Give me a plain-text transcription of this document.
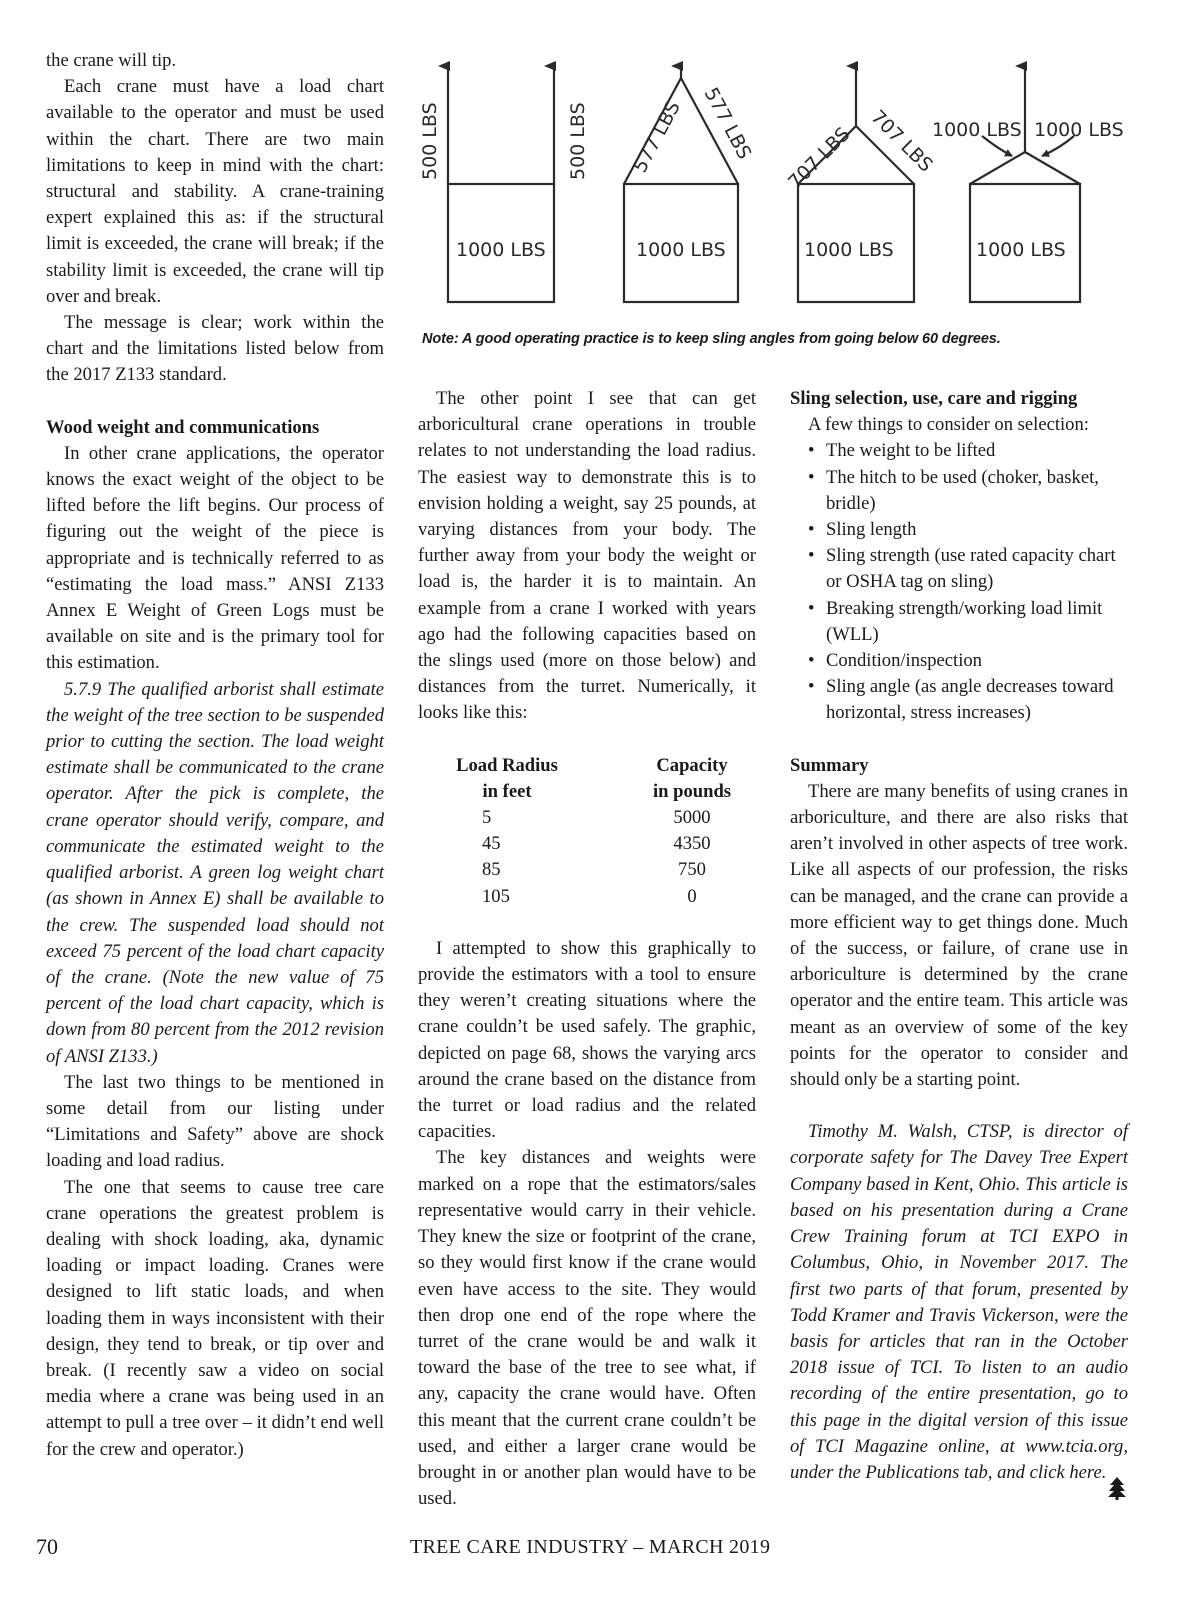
the crane will tip.

Each crane must have a load chart available to the operator and must be used within the chart. There are two main limitations to keep in mind with the chart: structural and stability. A crane-training expert explained this as: if the structural limit is exceeded, the crane will break; if the stability limit is exceeded, the crane will tip over and break.

The message is clear; work within the chart and the limitations listed below from the 2017 Z133 standard.

Wood weight and communications

In other crane applications, the operator knows the exact weight of the object to be lifted before the lift begins. Our process of figuring out the weight of the piece is appropriate and is technically referred to as “estimating the load mass.” ANSI Z133 Annex E Weight of Green Logs must be available on site and is the primary tool for this estimation.

5.7.9 The qualified arborist shall estimate the weight of the tree section to be suspended prior to cutting the section. The load weight estimate shall be communicated to the crane operator. After the pick is complete, the crane operator should verify, compare, and communicate the estimated weight to the qualified arborist. A green log weight chart (as shown in Annex E) shall be available to the crew. The suspended load should not exceed 75 percent of the load chart capacity of the crane. (Note the new value of 75 percent of the load chart capacity, which is down from 80 percent from the 2012 revision of ANSI Z133.)

The last two things to be mentioned in some detail from our listing under “Limitations and Safety” above are shock loading and load radius.

The one that seems to cause tree care crane operations the greatest problem is dealing with shock loading, aka, dynamic loading or impact loading. Cranes were designed to lift static loads, and when loading them in ways inconsistent with their design, they tend to break, or tip over and break. (I recently saw a video on social media where a crane was being used in an attempt to pull a tree over – it didn’t end well for the crew and operator.)

500 LBS	500 LBS
1000 LBS
577 LBS 577 LBS
1000 LBS
707 LBS 707 LBS
1000 LBS
1000 LBS 1000 LBS
1000 LBS
Note: A good operating practice is to keep sling angles from going below 60 degrees.

The other point I see that can get arboricultural crane operations in trouble relates to not understanding the load radius. The easiest way to demonstrate this is to envision holding a weight, say 25 pounds, at varying distances from your body. The further away from your body the weight or load is, the harder it is to maintain. An example from a crane I worked with years ago had the following capacities based on the slings used (more on those below) and distances from the turret. Numerically, it looks like this:

Load Radius		Capacity
in feet		in pounds
5		5000
45		4350
85		750
105		0

I attempted to show this graphically to provide the estimators with a tool to ensure they weren’t creating situations where the crane couldn’t be used safely. The graphic, depicted on page 68, shows the varying arcs around the crane based on the distance from the turret or load radius and the related capacities.

The key distances and weights were marked on a rope that the estimators/sales representative would carry in their vehicle. They knew the size or footprint of the crane, so they would first know if the crane would even have access to the site. They would then drop one end of the rope where the turret of the crane would be and walk it toward the base of the tree to see what, if any, capacity the crane would have. Often this meant that the current crane couldn’t be used, and either a larger crane would be brought in or another plan would have to be used.

Sling selection, use, care and rigging

A few things to consider on selection:

• The weight to be lifted
• The hitch to be used (choker, basket, bridle)
• Sling length
• Sling strength (use rated capacity chart or OSHA tag on sling)
• Breaking strength/working load limit (WLL)
• Condition/inspection
• Sling angle (as angle decreases toward horizontal, stress increases)
Summary

There are many benefits of using cranes in arboriculture, and there are also risks that aren’t involved in other aspects of tree work. Like all aspects of our profession, the risks can be managed, and the crane can provide a more efficient way to get things done. Much of the success, or failure, of crane use in arboriculture is determined by the crane operator and the entire team. This article was meant as an overview of some of the key points for the operator to consider and should only be a starting point.

Timothy M. Walsh, CTSP, is director of corporate safety for The Davey Tree Expert Company based in Kent, Ohio. This article is based on his presentation during a Crane Crew Training forum at TCI EXPO in Columbus, Ohio, in November 2017. The first two parts of that forum, presented by Todd Kramer and Travis Vickerson, were the basis for articles that ran in the October 2018 issue of TCI. To listen to an audio recording of the entire presentation, go to this page in the digital version of this issue of TCI Magazine online, at www.tcia.org, under the Publications tab, and click here.

70	TREE CARE INDUSTRY – MARCH 2019
